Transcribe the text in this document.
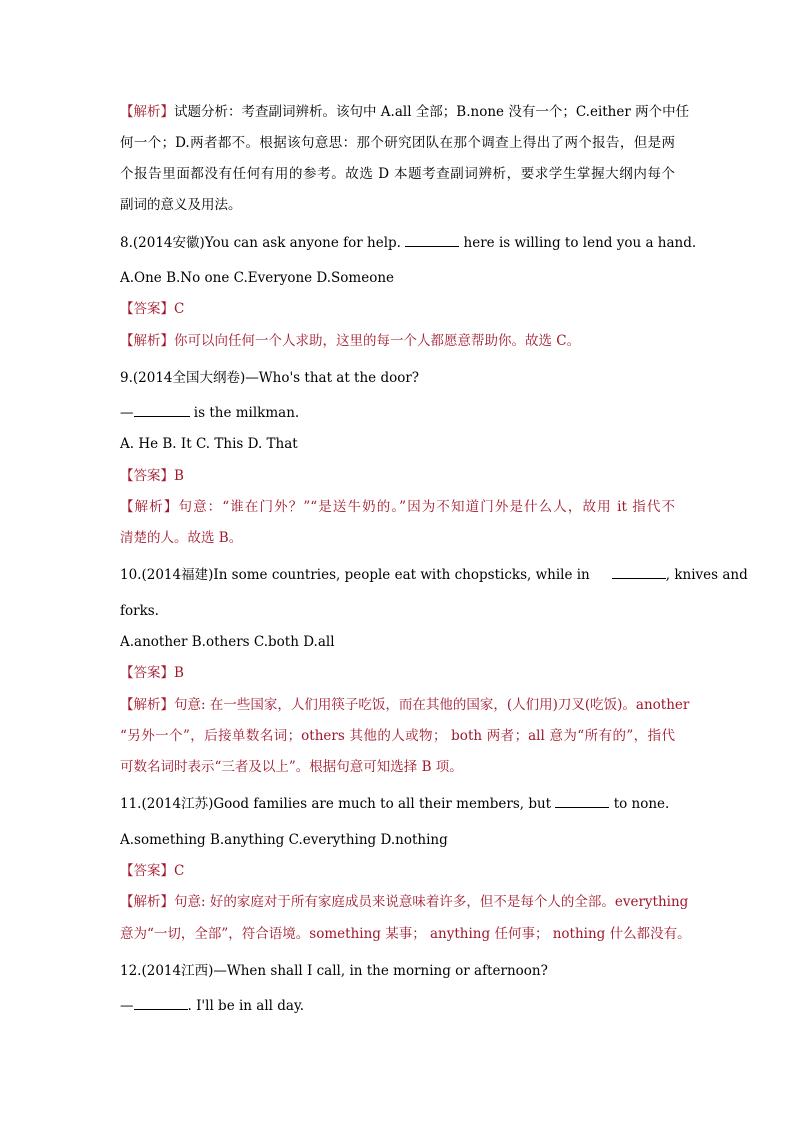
【解析】试题分析：考查副词辨析。该句中 A.all 全部；B.none 没有一个；C.either 两个中任
何一个；D.两者都不。根据该句意思：那个研究团队在那个调查上得出了两个报告，但是两
个报告里面都没有任何有用的参考。故选 D 本题考查副词辨析，要求学生掌握大纲内每个
副词的意义及用法。
8.(2014安徽)You can ask anyone for help.	here is willing to lend you a hand.
A.One B.No one C.Everyone D.Someone
【答案】C
【解析】你可以向任何一个人求助，这里的每一个人都愿意帮助你。故选 C。
9.(2014全国大纲卷)—Who's that at the door?
—	is the milkman.
A. He B. It C. This D. That
【答案】B
【解析】句意：“谁在门外？”“是送牛奶的。”因为不知道门外是什么人，故用 it 指代不
清楚的人。故选 B。
10.(2014福建)In some countries, people eat with chopsticks, while in	, knives and
forks.
A.another B.others C.both D.all
【答案】B
【解析】句意: 在一些国家，人们用筷子吃饭，而在其他的国家，(人们用)刀叉(吃饭)。another
“另外一个”，后接单数名词；others 其他的人或物； both 两者；all 意为“所有的”，指代
可数名词时表示“三者及以上”。根据句意可知选择 B 项。
11.(2014江苏)Good families are much to all their members, but	to none.
A.something B.anything C.everything D.nothing
【答案】C
【解析】句意: 好的家庭对于所有家庭成员来说意味着许多，但不是每个人的全部。everything
意为“一切，全部”，符合语境。something 某事； anything 任何事； nothing 什么都没有。
12.(2014江西)—When shall I call, in the morning or afternoon?
—	. I'll be in all day.
